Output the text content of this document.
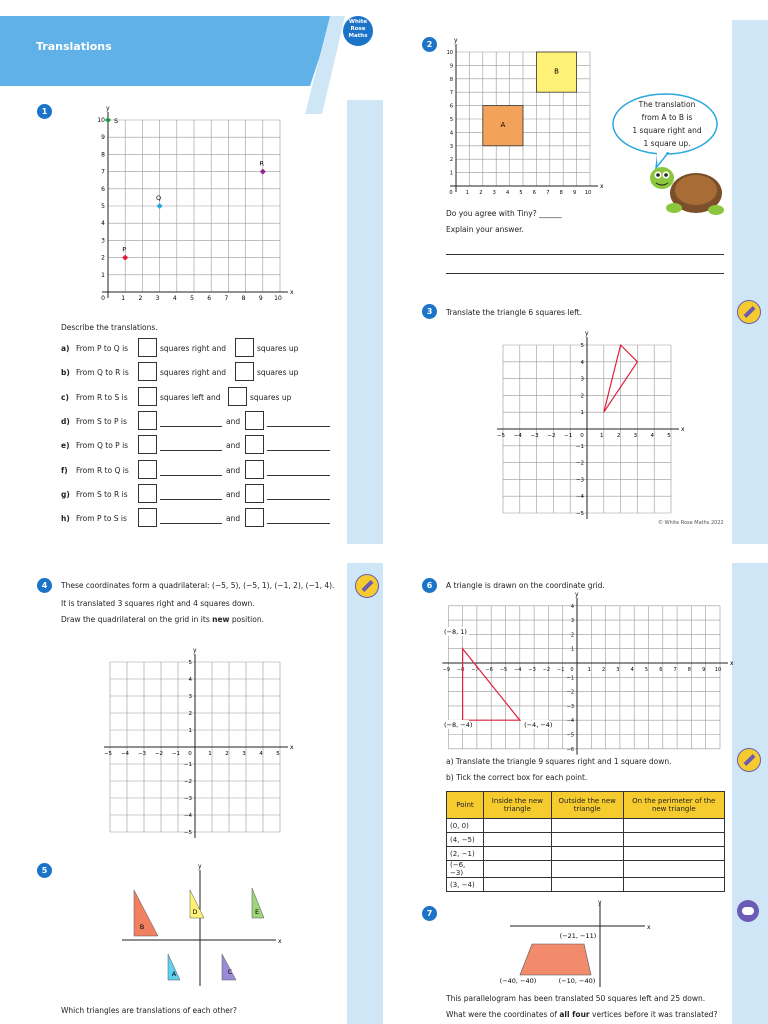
Translations
White
Rose
Maths
1
x
y
0	1 2 3 4 5 6 7 8 9 10
1
2
3
4
5
6
7
8
9
10
P
Q
R
S
Describe the translations.
a) From P to Q is	squares right and	squares up
b) From Q to R is	squares right and	squares up
c) From R to S is	squares left and	squares up
d) From S to P is	and
e) From Q to P is	and
f) From R to Q is	and
g) From S to R is	and
h) From P to S is	and
2
x
y
0	1 2 3 4 5 6 7 8 9 10
1
2
3
4
5
6
7
8
9
10
A
B
The translation
from A to B is
1 square right and
1 square up.
Do you agree with Tiny? ______
Explain your answer.
3	Translate the triangle 6 squares left.
x
y
−5 −4 −3 −2 −1 0	1 2 3 4 5
−5
−4
−3
−2
−1
1
2
3
4
5
© White Rose Maths 2022
4	These coordinates form a quadrilateral: (−5, 5), (−5, 1), (−1, 2), (−1, 4).
It is translated 3 squares right and 4 squares down.
Draw the quadrilateral on the grid in its new position.
x
y
−5 −4 −3 −2 −1 0	1 2 3 4 5
−5
−4
−3
−2
−1
1
2
3
4
5
5
x
y
A
B
C
D	E
Which triangles are translations of each other?
6	A triangle is drawn on the coordinate grid.
x
y
−9 −8 −7 −6 −5 −4 −3 −2 −1 0	1 2 3 4 5 6 7 8 9 10
−6
−5
−4
−3
−2
−1
1
2
3
4
(−8, 1)
(−8, −4)	(−4, −4)
a) Translate the triangle 9 squares right and 1 square down.
b) Tick the correct box for each point.
Point	Inside the new triangle	Outside the new triangle	On the perimeter of the new triangle
(0, 0)			
(4, −5)			
(2, −1)			
(−6, −3)			
(3, −4)			
7
x
y
(−21, −11)
(−40, −40)	(−10, −40)
This parallelogram has been translated 50 squares left and 25 down.
What were the coordinates of all four vertices before it was translated?
